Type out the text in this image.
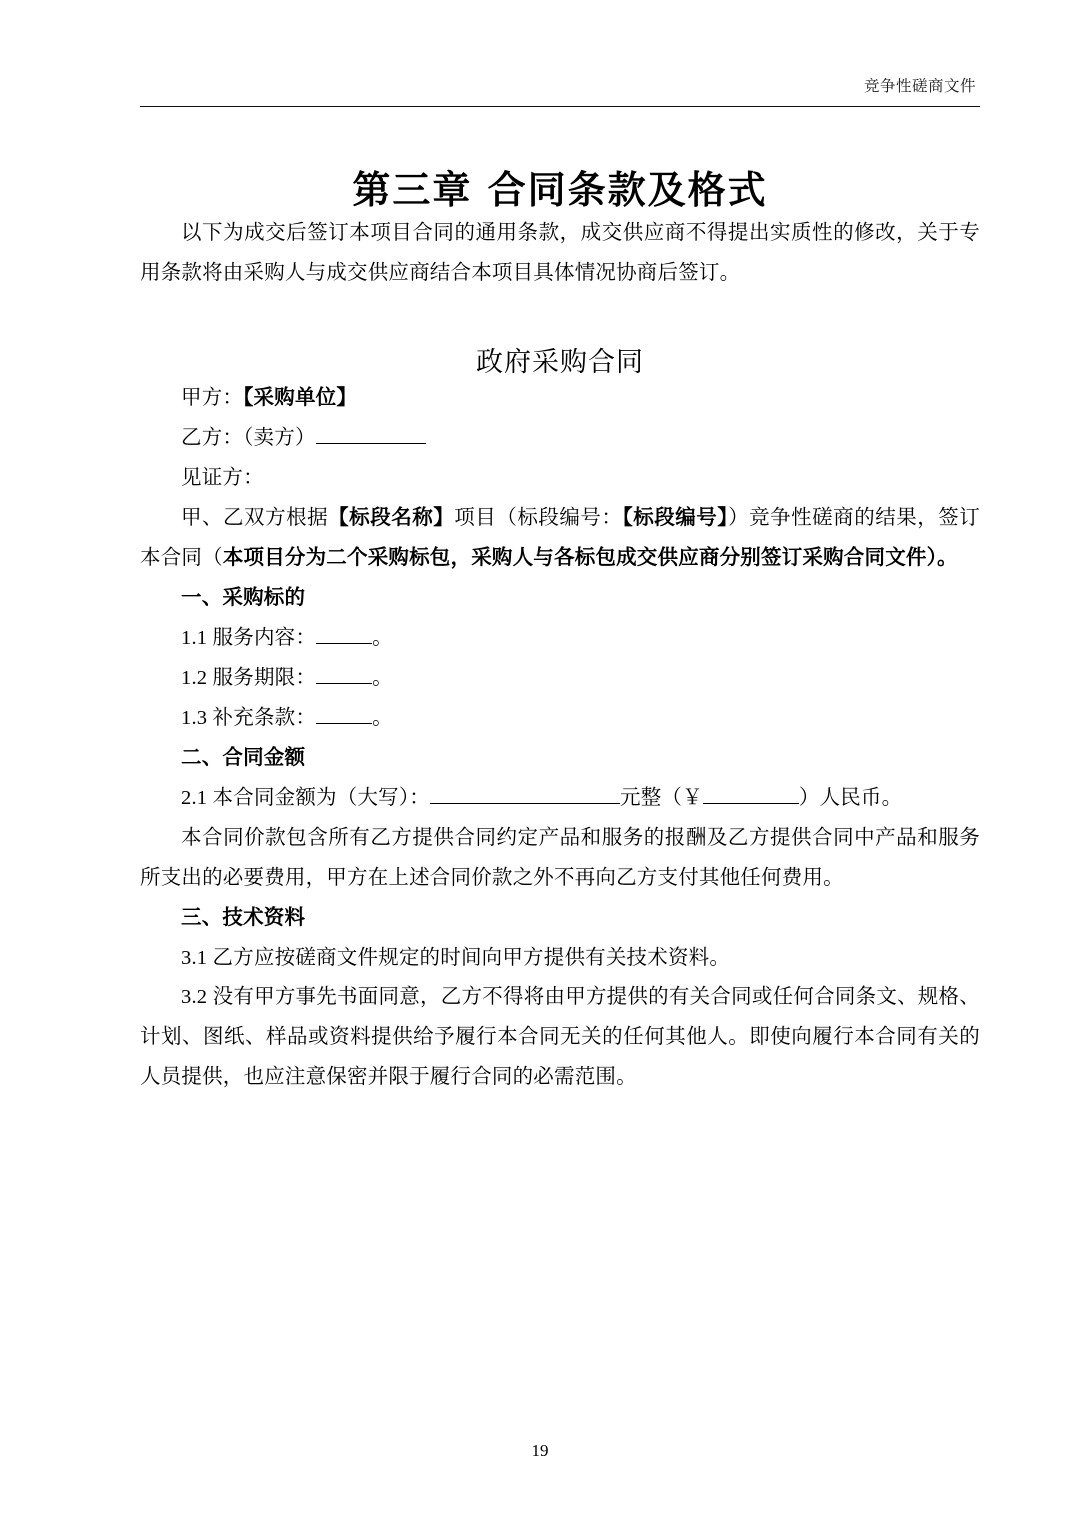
竞争性磋商文件
第三章 合同条款及格式

以下为成交后签订本项目合同的通用条款，成交供应商不得提出实质性的修改，关于专用条款将由采购人与成交供应商结合本项目具体情况协商后签订。

政府采购合同

甲方：【采购单位】

乙方：（卖方）

见证方：

甲、乙双方根据【标段名称】项目（标段编号：【标段编号】）竞争性磋商的结果，签订本合同（本项目分为二个采购标包，采购人与各标包成交供应商分别签订采购合同文件）。

一、采购标的

1.1 服务内容：	。

1.2 服务期限：	。

1.3 补充条款：	。

二、合同金额

2.1 本合同金额为（大写）：	元整（￥	）人民币。

本合同价款包含所有乙方提供合同约定产品和服务的报酬及乙方提供合同中产品和服务所支出的必要费用，甲方在上述合同价款之外不再向乙方支付其他任何费用。

三、技术资料

3.1 乙方应按磋商文件规定的时间向甲方提供有关技术资料。

3.2 没有甲方事先书面同意，乙方不得将由甲方提供的有关合同或任何合同条文、规格、计划、图纸、样品或资料提供给予履行本合同无关的任何其他人。即使向履行本合同有关的人员提供，也应注意保密并限于履行合同的必需范围。

19
